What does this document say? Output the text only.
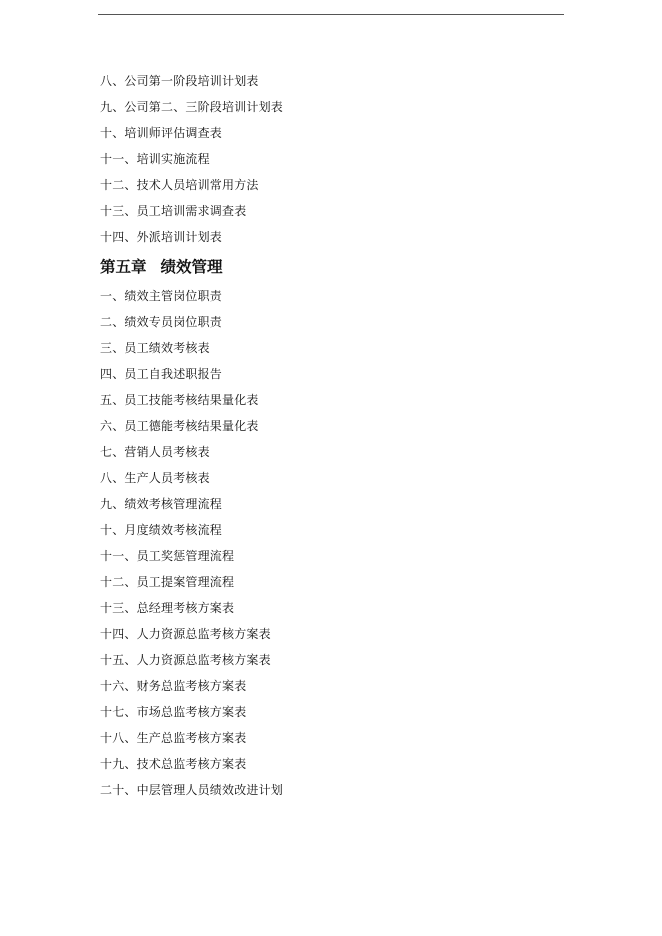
八、公司第一阶段培训计划表
九、公司第二、三阶段培训计划表
十、培训师评估调查表
十一、培训实施流程
十二、技术人员培训常用方法
十三、员工培训需求调查表
十四、外派培训计划表
第五章 绩效管理
一、绩效主管岗位职责
二、绩效专员岗位职责
三、员工绩效考核表
四、员工自我述职报告
五、员工技能考核结果量化表
六、员工德能考核结果量化表
七、营销人员考核表
八、生产人员考核表
九、绩效考核管理流程
十、月度绩效考核流程
十一、员工奖惩管理流程
十二、员工提案管理流程
十三、总经理考核方案表
十四、人力资源总监考核方案表
十五、人力资源总监考核方案表
十六、财务总监考核方案表
十七、市场总监考核方案表
十八、生产总监考核方案表
十九、技术总监考核方案表
二十、中层管理人员绩效改进计划
